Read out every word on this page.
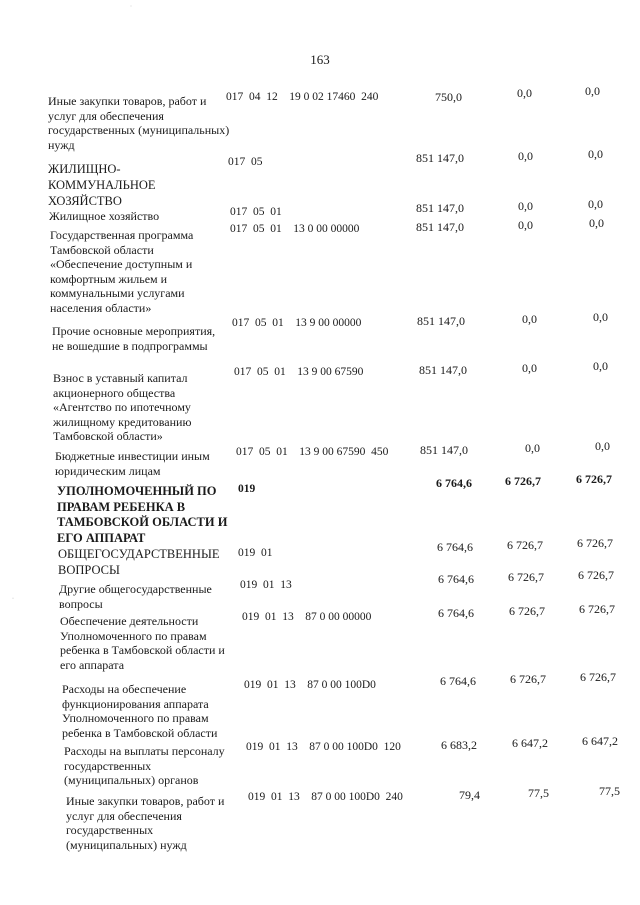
163
ˈ
·
Иные закупки товаров, работ и услуг для обеспечения государственных (муниципальных) нужд
017  04  12    19 0 02 17460  240	750,0	0,0	0,0
ЖИЛИЩНО-КОММУНАЛЬНОЕ ХОЗЯЙСТВО
017  05	851 147,0	0,0	0,0
Жилищное хозяйство	017  05  01	851 147,0	0,0	0,0
Государственная программа Тамбовской области «Обеспечение доступным и комфортным жильем и коммунальными услугами населения области»
017  05  01    13 0 00 00000	851 147,0	0,0	0,0
Прочие основные мероприятия, не вошедшие в подпрограммы
017  05  01    13 9 00 00000	851 147,0	0,0	0,0
Взнос в уставный капитал акционерного общества «Агентство по ипотечному жилищному кредитованию Тамбовской области»
017  05  01    13 9 00 67590	851 147,0	0,0	0,0
Бюджетные инвестиции иным юридическим лицам
017  05  01    13 9 00 67590  450	851 147,0	0,0	0,0
УПОЛНОМОЧЕННЫЙ ПО ПРАВАМ РЕБЕНКА В ТАМБОВСКОЙ ОБЛАСТИ И ЕГО АППАРАТ
019	6 764,6	6 726,7	6 726,7
ОБЩЕГОСУДАРСТВЕННЫЕ ВОПРОСЫ
019  01	6 764,6	6 726,7	6 726,7
Другие общегосударственные вопросы
019  01  13	6 764,6	6 726,7	6 726,7
Обеспечение деятельности Уполномоченного по правам ребенка в Тамбовской области и его аппарата
019  01  13    87 0 00 00000	6 764,6	6 726,7	6 726,7
Расходы на обеспечение функционирования аппарата Уполномоченного по правам ребенка в Тамбовской области
019  01  13    87 0 00 100D0	6 764,6	6 726,7	6 726,7
Расходы на выплаты персоналу государственных (муниципальных) органов
019  01  13    87 0 00 100D0  120	6 683,2	6 647,2	6 647,2
Иные закупки товаров, работ и услуг для обеспечения государственных (муниципальных) нужд
019  01  13    87 0 00 100D0  240	79,4	77,5	77,5
